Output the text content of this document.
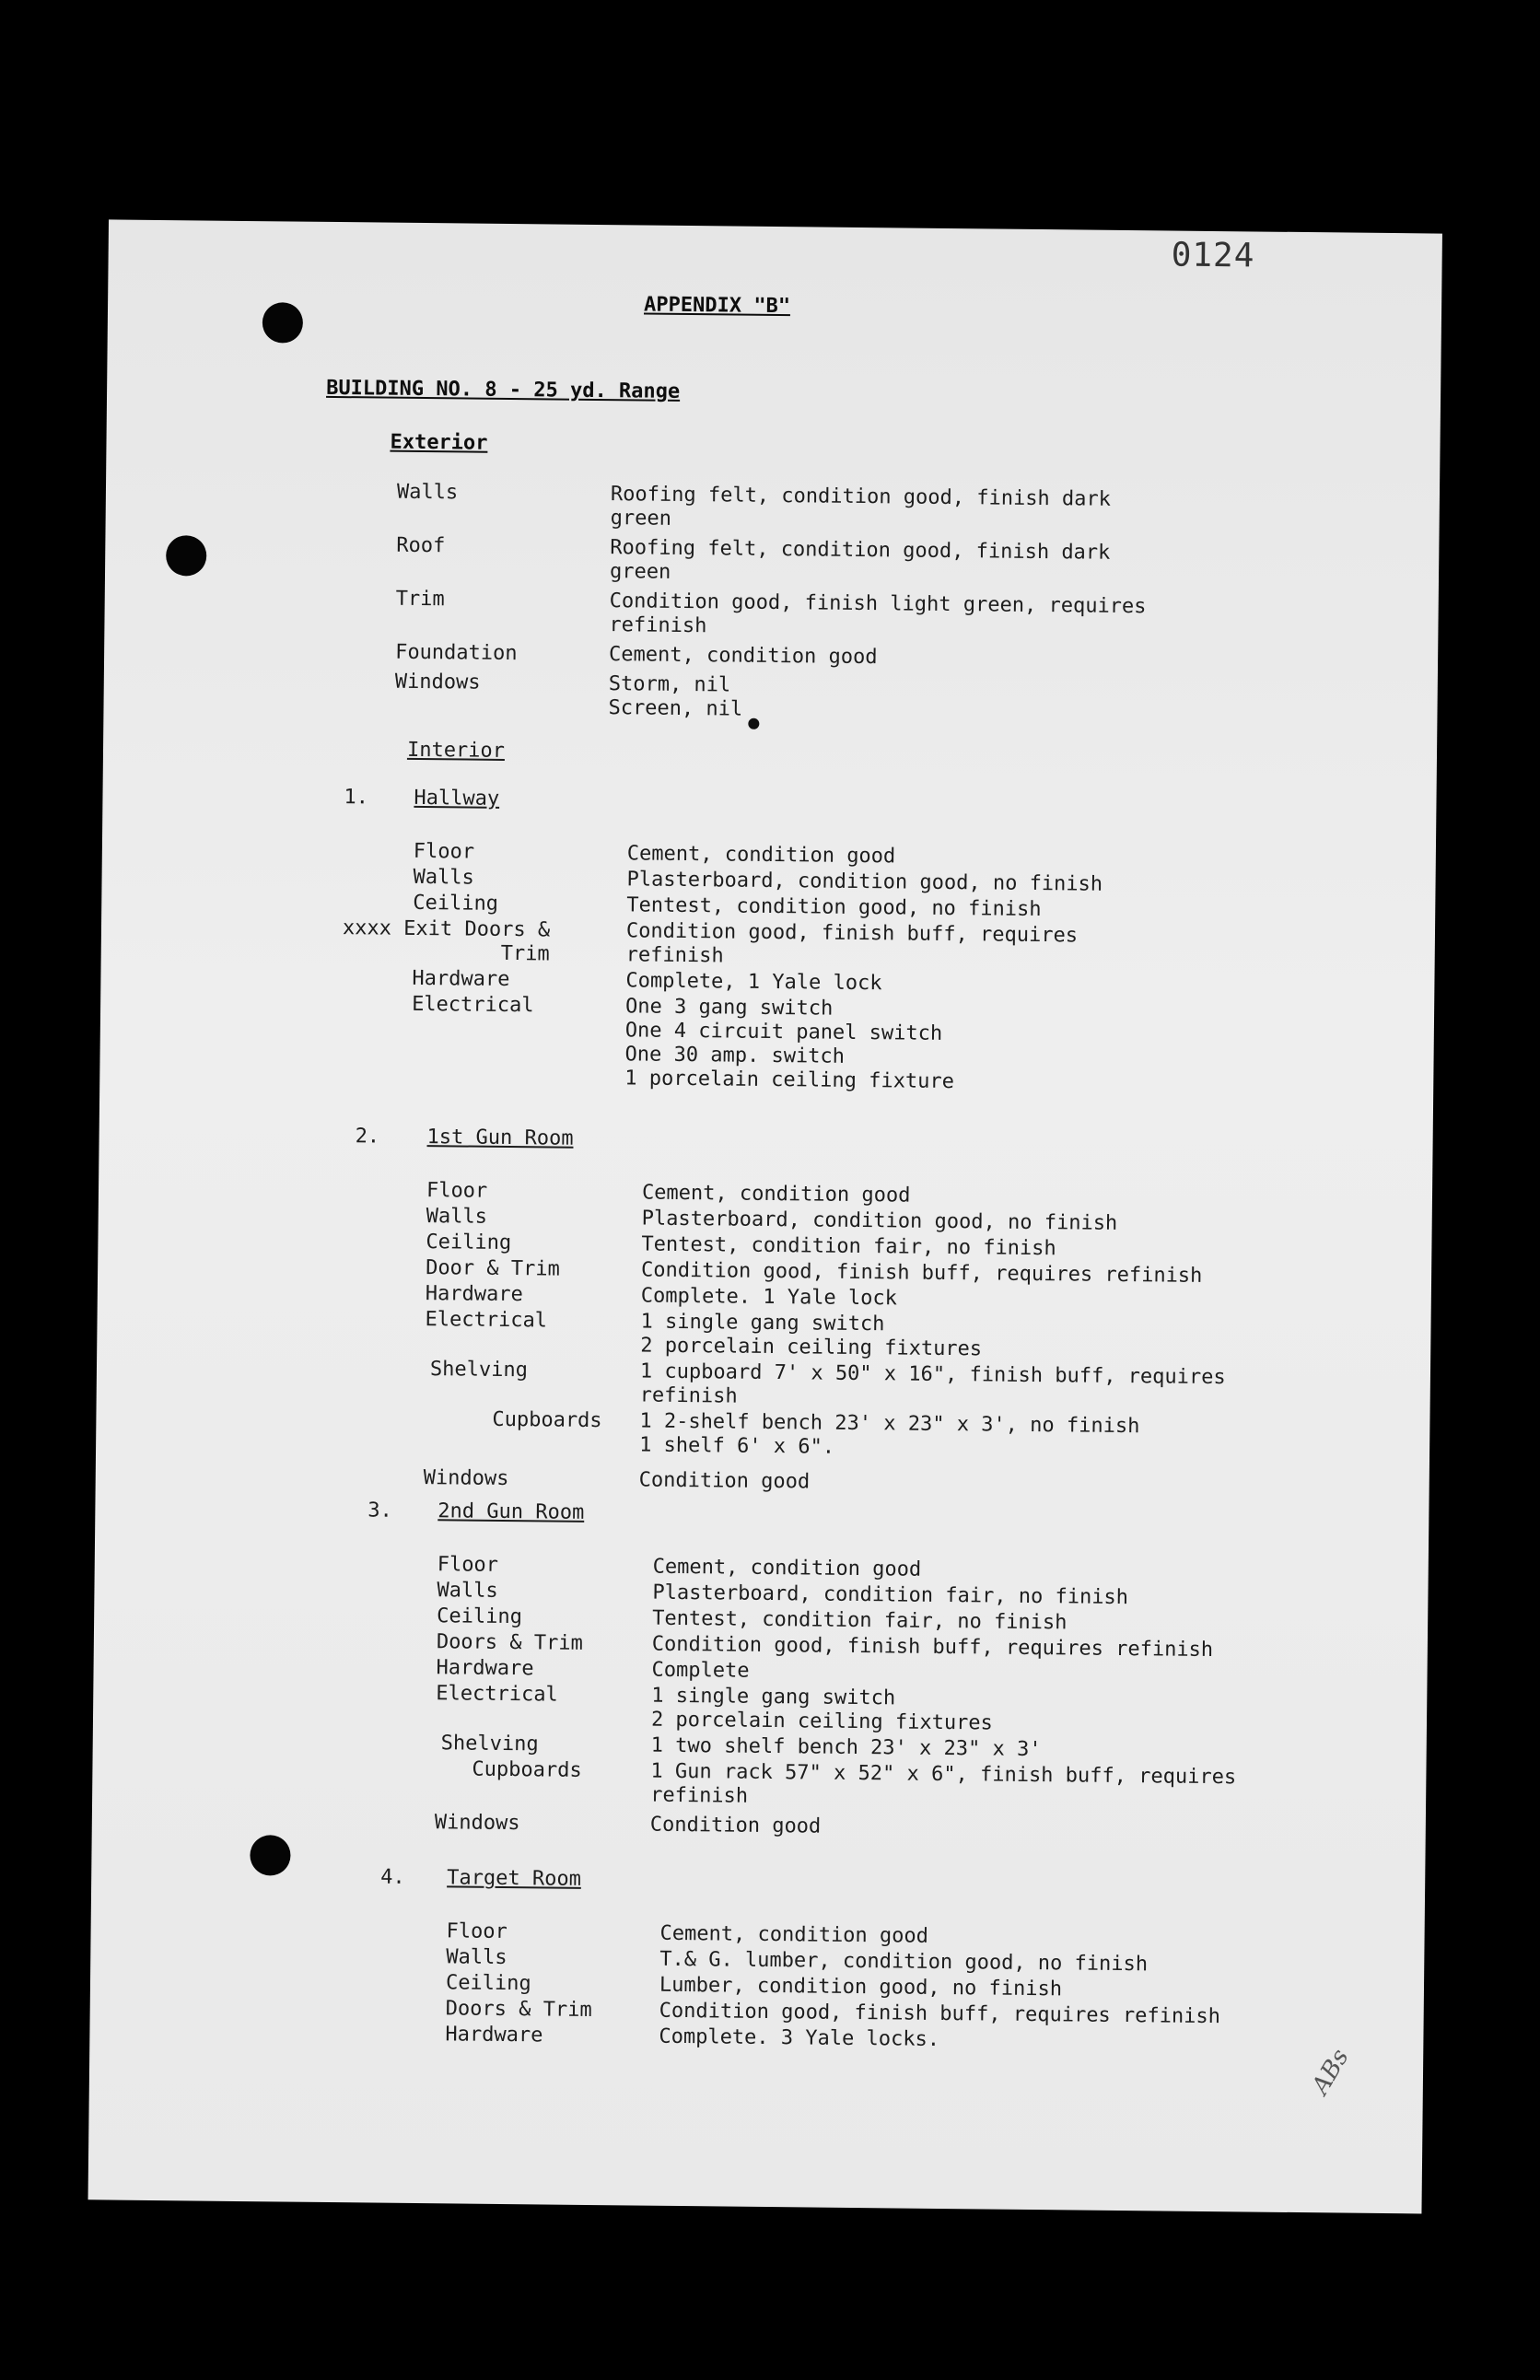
0124
APPENDIX "B"
BUILDING NO. 8 - 25 yd. Range
Exterior
Walls	Roofing felt, condition good, finish dark
green
Roof	Roofing felt, condition good, finish dark
green
Trim	Condition good, finish light green, requires
refinish
Foundation	Cement, condition good
Windows	Storm, nil
Screen, nil
Interior
1. Hallway
Floor	Cement, condition good
Walls	Plasterboard, condition good, no finish
Ceiling	Tentest, condition good, no finish
xxxx Exit Doors &	Condition good, finish buff, requires
refinish
Trim
Hardware	Complete, 1 Yale lock
Electrical	One 3 gang switch
One 4 circuit panel switch
One 30 amp. switch
1 porcelain ceiling fixture
2. 1st Gun Room
Floor	Cement, condition good
Walls	Plasterboard, condition good, no finish
Ceiling	Tentest, condition fair, no finish
Door & Trim	Condition good, finish buff, requires refinish
Hardware	Complete. 1 Yale lock
Electrical	1 single gang switch
2 porcelain ceiling fixtures
Shelving	1 cupboard 7' x 50" x 16", finish buff, requires
refinish
Cupboards 1 2-shelf bench 23' x 23" x 3', no finish
1 shelf 6' x 6".
Windows	Condition good
3. 2nd Gun Room
Floor	Cement, condition good
Walls	Plasterboard, condition fair, no finish
Ceiling	Tentest, condition fair, no finish
Doors & Trim	Condition good, finish buff, requires refinish
Hardware	Complete
Electrical	1 single gang switch
2 porcelain ceiling fixtures
Shelving	1 two shelf bench 23' x 23" x 3'
Cupboards	1 Gun rack 57" x 52" x 6", finish buff, requires
refinish
Windows	Condition good
4. Target Room
Floor	Cement, condition good
Walls	T.& G. lumber, condition good, no finish
Ceiling	Lumber, condition good, no finish
Doors & Trim	Condition good, finish buff, requires refinish
Hardware	Complete. 3 Yale locks.
ABs
